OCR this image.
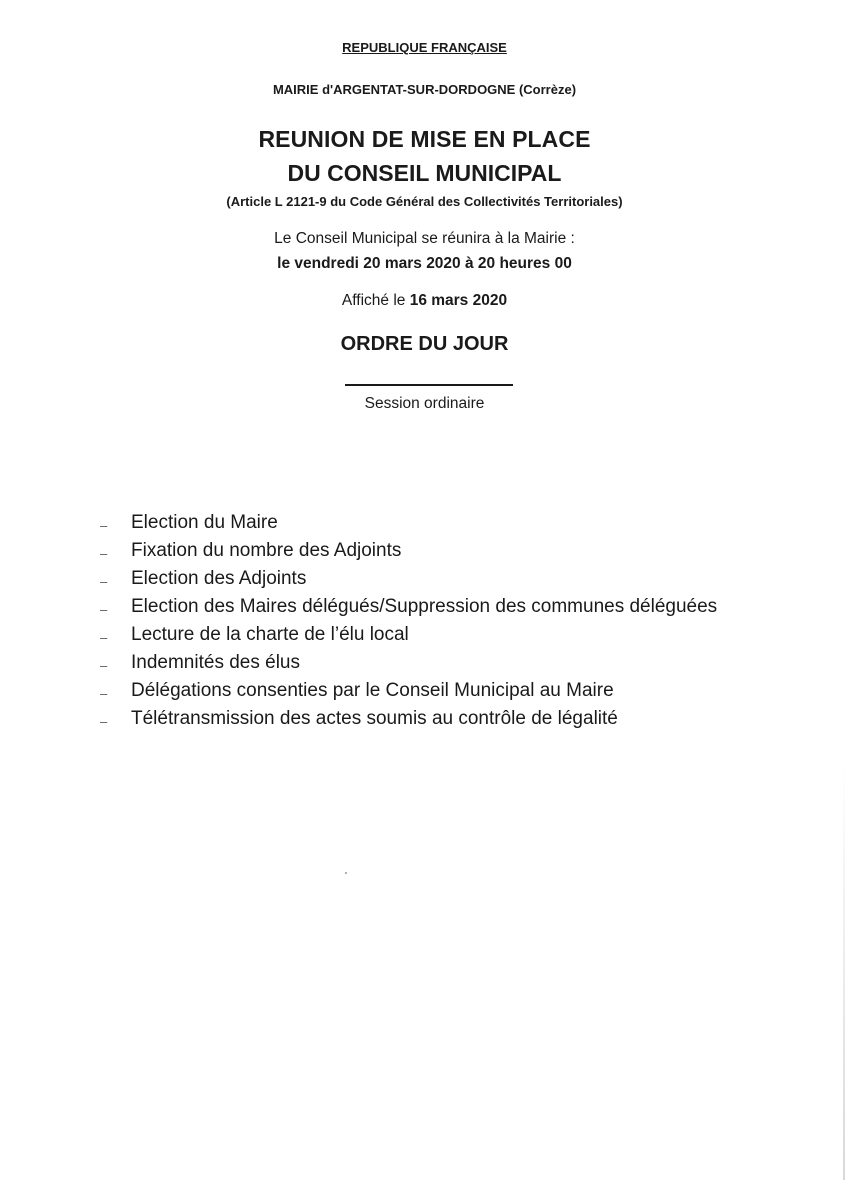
REPUBLIQUE FRANÇAISE
MAIRIE d'ARGENTAT-SUR-DORDOGNE (Corrèze)
REUNION DE MISE EN PLACE
DU CONSEIL MUNICIPAL
(Article L 2121-9 du Code Général des Collectivités Territoriales)
Le Conseil Municipal se réunira à la Mairie :
le vendredi 20 mars 2020 à 20 heures 00
Affiché le 16 mars 2020
ORDRE DU JOUR
Session ordinaire
– Election du Maire
– Fixation du nombre des Adjoints
– Election des Adjoints
– Election des Maires délégués/Suppression des communes déléguées
– Lecture de la charte de l’élu local
– Indemnités des élus
– Délégations consenties par le Conseil Municipal au Maire
– Télétransmission des actes soumis au contrôle de légalité
